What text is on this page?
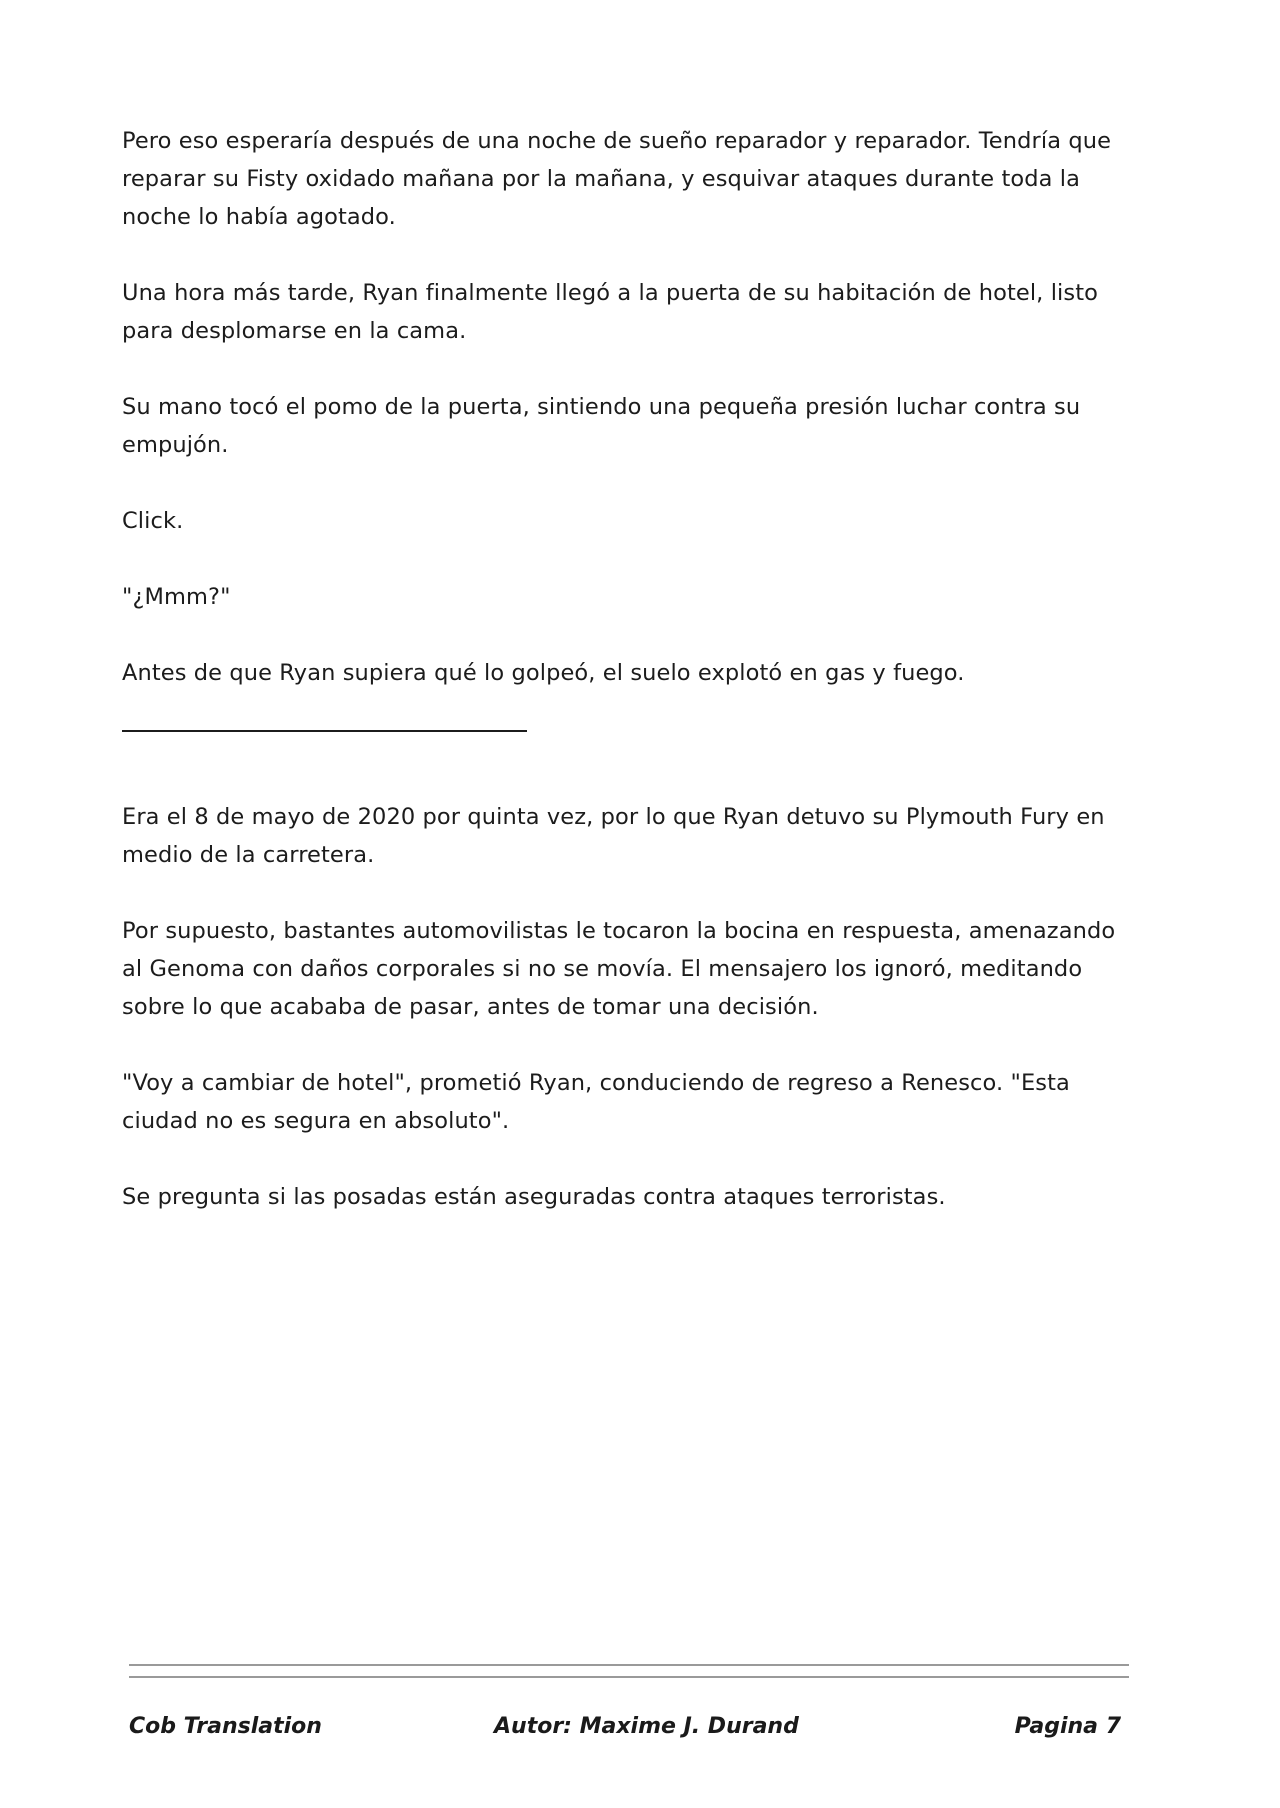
Pero eso esperaría después de una noche de sueño reparador y reparador. Tendría que reparar su Fisty oxidado mañana por la mañana, y esquivar ataques durante toda la noche lo había agotado.

Una hora más tarde, Ryan finalmente llegó a la puerta de su habitación de hotel, listo para desplomarse en la cama.

Su mano tocó el pomo de la puerta, sintiendo una pequeña presión luchar contra su empujón.

Click.

"¿Mmm?"

Antes de que Ryan supiera qué lo golpeó, el suelo explotó en gas y fuego.

Era el 8 de mayo de 2020 por quinta vez, por lo que Ryan detuvo su Plymouth Fury en medio de la carretera.

Por supuesto, bastantes automovilistas le tocaron la bocina en respuesta, amenazando al Genoma con daños corporales si no se movía. El mensajero los ignoró, meditando sobre lo que acababa de pasar, antes de tomar una decisión.

"Voy a cambiar de hotel", prometió Ryan, conduciendo de regreso a Renesco. "Esta ciudad no es segura en absoluto".

Se pregunta si las posadas están aseguradas contra ataques terroristas.

Cob Translation	Autor: Maxime J. Durand	Pagina 7
